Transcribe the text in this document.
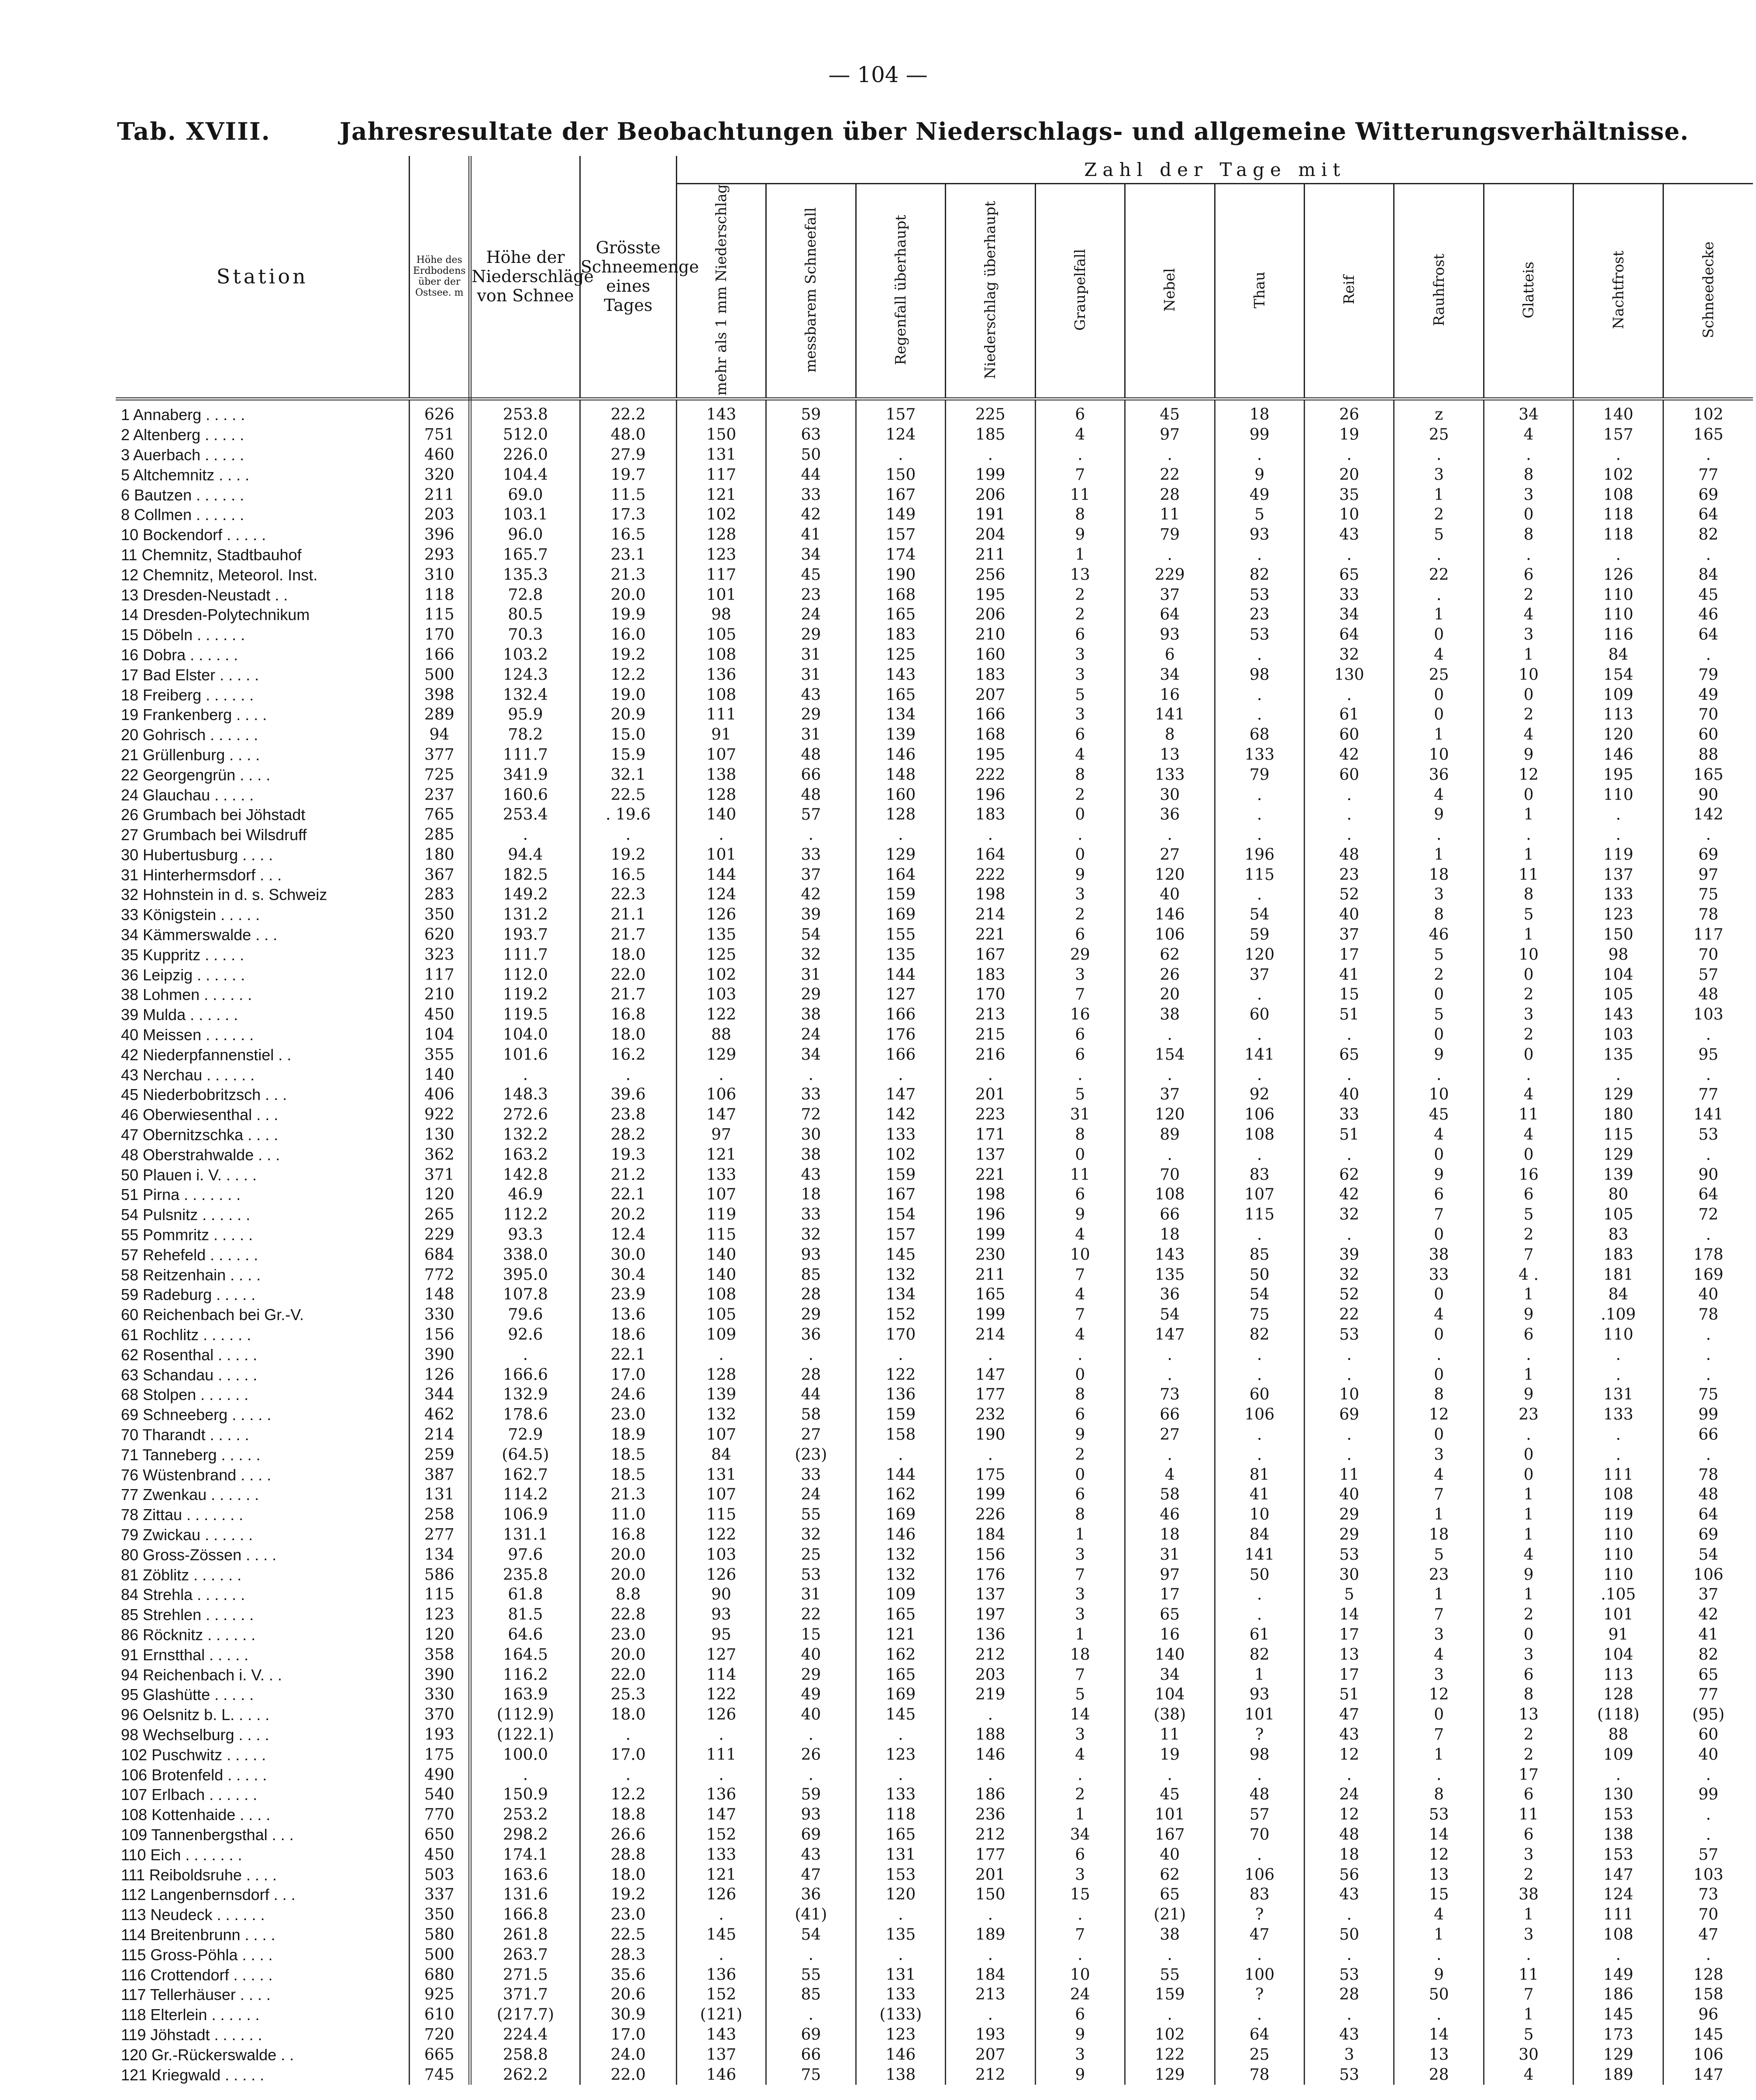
— 104 —
Tab. XVIII.	Jahresresultate der Beobachtungen über Niederschlags- und allgemeine Witterungsverhältnisse.
Station	Höhe des Erdbodens über der Ostsee. m	Höhe der Niederschläge von Schnee	Grösste Schneemenge eines Tages	Zahl der Tage mit											
				mehr als 1 mm Niederschlag	messbarem Schneefall	Regenfall überhaupt	Niederschlag überhaupt	Graupelfall	Nebel	Thau	Reif	Rauhfrost	Glatteis	Nachtfrost	Schneedecke
1 Annaberg . . . . .	626	253.8	22.2	143	59	157	225	6	45	18	26	z	34	140	102
2 Altenberg . . . . .	751	512.0	48.0	150	63	124	185	4	97	99	19	25	4	157	165
3 Auerbach . . . . .	460	226.0	27.9	131	50	.	.	.	.	.	.	.	.	.	.
5 Altchemnitz . . . .	320	104.4	19.7	117	44	150	199	7	22	9	20	3	8	102	77
6 Bautzen . . . . . .	211	69.0	11.5	121	33	167	206	11	28	49	35	1	3	108	69
8 Collmen . . . . . .	203	103.1	17.3	102	42	149	191	8	11	5	10	2	0	118	64
10 Bockendorf . . . . .	396	96.0	16.5	128	41	157	204	9	79	93	43	5	8	118	82
11 Chemnitz, Stadtbauhof	293	165.7	23.1	123	34	174	211	1	.	.	.	.	.	.	.
12 Chemnitz, Meteorol. Inst.	310	135.3	21.3	117	45	190	256	13	229	82	65	22	6	126	84
13 Dresden-Neustadt . .	118	72.8	20.0	101	23	168	195	2	37	53	33	.	2	110	45
14 Dresden-Polytechnikum	115	80.5	19.9	98	24	165	206	2	64	23	34	1	4	110	46
15 Döbeln . . . . . .	170	70.3	16.0	105	29	183	210	6	93	53	64	0	3	116	64
16 Dobra . . . . . .	166	103.2	19.2	108	31	125	160	3	6	.	32	4	1	84	.
17 Bad Elster . . . . .	500	124.3	12.2	136	31	143	183	3	34	98	130	25	10	154	79
18 Freiberg . . . . . .	398	132.4	19.0	108	43	165	207	5	16	.	.	0	0	109	49
19 Frankenberg . . . .	289	95.9	20.9	111	29	134	166	3	141	.	61	0	2	113	70
20 Gohrisch . . . . . .	94	78.2	15.0	91	31	139	168	6	8	68	60	1	4	120	60
21 Grüllenburg . . . .	377	111.7	15.9	107	48	146	195	4	13	133	42	10	9	146	88
22 Georgengrün . . . .	725	341.9	32.1	138	66	148	222	8	133	79	60	36	12	195	165
24 Glauchau . . . . .	237	160.6	22.5	128	48	160	196	2	30	.	.	4	0	110	90
26 Grumbach bei Jöhstadt	765	253.4	. 19.6	140	57	128	183	0	36	.	.	9	1	.	142
27 Grumbach bei Wilsdruff	285	.	.	.	.	.	.	.	.	.	.	.	.	.	.
30 Hubertusburg . . . .	180	94.4	19.2	101	33	129	164	0	27	196	48	1	1	119	69
31 Hinterhermsdorf . . .	367	182.5	16.5	144	37	164	222	9	120	115	23	18	11	137	97
32 Hohnstein in d. s. Schweiz	283	149.2	22.3	124	42	159	198	3	40	.	52	3	8	133	75
33 Königstein . . . . .	350	131.2	21.1	126	39	169	214	2	146	54	40	8	5	123	78
34 Kämmerswalde . . .	620	193.7	21.7	135	54	155	221	6	106	59	37	46	1	150	117
35 Kuppritz . . . . .	323	111.7	18.0	125	32	135	167	29	62	120	17	5	10	98	70
36 Leipzig . . . . . .	117	112.0	22.0	102	31	144	183	3	26	37	41	2	0	104	57
38 Lohmen . . . . . .	210	119.2	21.7	103	29	127	170	7	20	.	15	0	2	105	48
39 Mulda . . . . . .	450	119.5	16.8	122	38	166	213	16	38	60	51	5	3	143	103
40 Meissen . . . . . .	104	104.0	18.0	88	24	176	215	6	.	.	.	0	2	103	.
42 Niederpfannenstiel . .	355	101.6	16.2	129	34	166	216	6	154	141	65	9	0	135	95
43 Nerchau . . . . . .	140	.	.	.	.	.	.	.	.	.	.	.	.	.	.
45 Niederbobritzsch . . .	406	148.3	39.6	106	33	147	201	5	37	92	40	10	4	129	77
46 Oberwiesenthal . . .	922	272.6	23.8	147	72	142	223	31	120	106	33	45	11	180	141
47 Obernitzschka . . . .	130	132.2	28.2	97	30	133	171	8	89	108	51	4	4	115	53
48 Oberstrahwalde . . .	362	163.2	19.3	121	38	102	137	0	.	.	.	0	0	129	.
50 Plauen i. V. . . . .	371	142.8	21.2	133	43	159	221	11	70	83	62	9	16	139	90
51 Pirna . . . . . . .	120	46.9	22.1	107	18	167	198	6	108	107	42	6	6	80	64
54 Pulsnitz . . . . . .	265	112.2	20.2	119	33	154	196	9	66	115	32	7	5	105	72
55 Pommritz . . . . .	229	93.3	12.4	115	32	157	199	4	18	.	.	0	2	83	.
57 Rehefeld . . . . . .	684	338.0	30.0	140	93	145	230	10	143	85	39	38	7	183	178
58 Reitzenhain . . . .	772	395.0	30.4	140	85	132	211	7	135	50	32	33	4 .	181	169
59 Radeburg . . . . .	148	107.8	23.9	108	28	134	165	4	36	54	52	0	1	84	40
60 Reichenbach bei Gr.-V.	330	79.6	13.6	105	29	152	199	7	54	75	22	4	9	.109	78
61 Rochlitz . . . . . .	156	92.6	18.6	109	36	170	214	4	147	82	53	0	6	110	.
62 Rosenthal . . . . .	390	.	22.1	.	.	.	.	.	.	.	.	.	.	.	.
63 Schandau . . . . .	126	166.6	17.0	128	28	122	147	0	.	.	.	0	1	.	.
68 Stolpen . . . . . .	344	132.9	24.6	139	44	136	177	8	73	60	10	8	9	131	75
69 Schneeberg . . . . .	462	178.6	23.0	132	58	159	232	6	66	106	69	12	23	133	99
70 Tharandt . . . . .	214	72.9	18.9	107	27	158	190	9	27	.	.	0	.	.	66
71 Tanneberg . . . . .	259	(64.5)	18.5	84	(23)	.	.	2	.	.	.	3	0	.	.
76 Wüstenbrand . . . .	387	162.7	18.5	131	33	144	175	0	4	81	11	4	0	111	78
77 Zwenkau . . . . . .	131	114.2	21.3	107	24	162	199	6	58	41	40	7	1	108	48
78 Zittau . . . . . . .	258	106.9	11.0	115	55	169	226	8	46	10	29	1	1	119	64
79 Zwickau . . . . . .	277	131.1	16.8	122	32	146	184	1	18	84	29	18	1	110	69
80 Gross-Zössen . . . .	134	97.6	20.0	103	25	132	156	3	31	141	53	5	4	110	54
81 Zöblitz . . . . . .	586	235.8	20.0	126	53	132	176	7	97	50	30	23	9	110	106
84 Strehla . . . . . .	115	61.8	8.8	90	31	109	137	3	17	.	5	1	1	.105	37
85 Strehlen . . . . . .	123	81.5	22.8	93	22	165	197	3	65	.	14	7	2	101	42
86 Röcknitz . . . . . .	120	64.6	23.0	95	15	121	136	1	16	61	17	3	0	91	41
91 Ernstthal . . . . .	358	164.5	20.0	127	40	162	212	18	140	82	13	4	3	104	82
94 Reichenbach i. V. . .	390	116.2	22.0	114	29	165	203	7	34	1	17	3	6	113	65
95 Glashütte . . . . .	330	163.9	25.3	122	49	169	219	5	104	93	51	12	8	128	77
96 Oelsnitz b. L. . . . .	370	(112.9)	18.0	126	40	145	.	14	(38)	101	47	0	13	(118)	(95)
98 Wechselburg . . . .	193	(122.1)	.	.	.	.	188	3	11	?	43	7	2	88	60
102 Puschwitz . . . . .	175	100.0	17.0	111	26	123	146	4	19	98	12	1	2	109	40
106 Brotenfeld . . . . .	490	.	.	.	.	.	.	.	.	.	.	.	17	.	.
107 Erlbach . . . . . .	540	150.9	12.2	136	59	133	186	2	45	48	24	8	6	130	99
108 Kottenhaide . . . .	770	253.2	18.8	147	93	118	236	1	101	57	12	53	11	153	.
109 Tannenbergsthal . . .	650	298.2	26.6	152	69	165	212	34	167	70	48	14	6	138	.
110 Eich . . . . . . .	450	174.1	28.8	133	43	131	177	6	40	.	18	12	3	153	57
111 Reiboldsruhe . . . .	503	163.6	18.0	121	47	153	201	3	62	106	56	13	2	147	103
112 Langenbernsdorf . . .	337	131.6	19.2	126	36	120	150	15	65	83	43	15	38	124	73
113 Neudeck . . . . . .	350	166.8	23.0	.	(41)	.	.	.	(21)	?	.	4	1	111	70
114 Breitenbrunn . . . .	580	261.8	22.5	145	54	135	189	7	38	47	50	1	3	108	47
115 Gross-Pöhla . . . .	500	263.7	28.3	.	.	.	.	.	.	.	.	.	.	.	.
116 Crottendorf . . . . .	680	271.5	35.6	136	55	131	184	10	55	100	53	9	11	149	128
117 Tellerhäuser . . . .	925	371.7	20.6	152	85	133	213	24	159	?	28	50	7	186	158
118 Elterlein . . . . . .	610	(217.7)	30.9	(121)	.	(133)	.	6	.	.	.	.	1	145	96
119 Jöhstadt . . . . . .	720	224.4	17.0	143	69	123	193	9	102	64	43	14	5	173	145
120 Gr.-Rückerswalde . .	665	258.8	24.0	137	66	146	207	3	122	25	3	13	30	129	106
121 Kriegwald . . . . .	745	262.2	22.0	146	75	138	212	9	129	78	53	28	4	189	147
